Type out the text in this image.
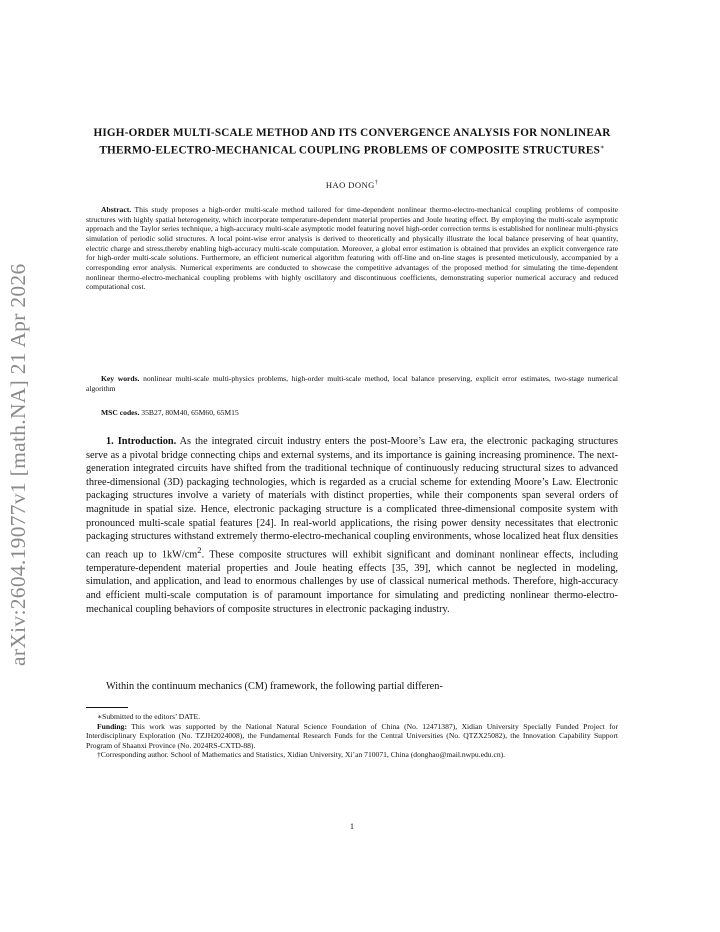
arXiv:2604.19077v1 [math.NA] 21 Apr 2026
HIGH-ORDER MULTI-SCALE METHOD AND ITS CONVERGENCE ANALYSIS FOR NONLINEAR THERMO-ELECTRO-MECHANICAL COUPLING PROBLEMS OF COMPOSITE STRUCTURES∗
HAO DONG†
Abstract. This study proposes a high-order multi-scale method tailored for time-dependent nonlinear thermo-electro-mechanical coupling problems of composite structures with highly spatial heterogeneity, which incorporate temperature-dependent material properties and Joule heating effect. By employing the multi-scale asymptotic approach and the Taylor series technique, a high-accuracy multi-scale asymptotic model featuring novel high-order correction terms is established for nonlinear multi-physics simulation of periodic solid structures. A local point-wise error analysis is derived to theoretically and physically illustrate the local balance preserving of heat quantity, electric charge and stress,thereby enabling high-accuracy multi-scale computation. Moreover, a global error estimation is obtained that provides an explicit convergence rate for high-order multi-scale solutions. Furthermore, an efficient numerical algorithm featuring with off-line and on-line stages is presented meticulously, accompanied by a corresponding error analysis. Numerical experiments are conducted to showcase the competitive advantages of the proposed method for simulating the time-dependent nonlinear thermo-electro-mechanical coupling problems with highly oscillatory and discontinuous coefficients, demonstrating superior numerical accuracy and reduced computational cost.
Key words. nonlinear multi-scale multi-physics problems, high-order multi-scale method, local balance preserving, explicit error estimates, two-stage numerical algorithm
MSC codes. 35B27, 80M40, 65M60, 65M15
1. Introduction. As the integrated circuit industry enters the post-Moore’s Law era, the electronic packaging structures serve as a pivotal bridge connecting chips and external systems, and its importance is gaining increasing prominence. The next-generation integrated circuits have shifted from the traditional technique of continuously reducing structural sizes to advanced three-dimensional (3D) packaging technologies, which is regarded as a crucial scheme for extending Moore’s Law. Electronic packaging structures involve a variety of materials with distinct properties, while their components span several orders of magnitude in spatial size. Hence, electronic packaging structure is a complicated three-dimensional composite system with pronounced multi-scale spatial features [24]. In real-world applications, the rising power density necessitates that electronic packaging structures withstand extremely thermo-electro-mechanical coupling environments, whose localized heat flux densities can reach up to $1kW/cm^2$. These composite structures will exhibit significant and dominant nonlinear effects, including temperature-dependent material properties and Joule heating effects [35, 39], which cannot be neglected in modeling, simulation, and application, and lead to enormous challenges by use of classical numerical methods. Therefore, high-accuracy and efficient multi-scale computation is of paramount importance for simulating and predicting nonlinear thermo-electro-mechanical coupling behaviors of composite structures in electronic packaging industry.
Within the continuum mechanics (CM) framework, the following partial differen-

∗Submitted to the editors’ DATE.

Funding: This work was supported by the National Natural Science Foundation of China (No. 12471387), Xidian University Specially Funded Project for Interdisciplinary Exploration (No. TZJH2024008), the Fundamental Research Funds for the Central Universities (No. QTZX25082), the Innovation Capability Support Program of Shaanxi Province (No. 2024RS-CXTD-88).

†Corresponding author. School of Mathematics and Statistics, Xidian University, Xi’an 710071, China (donghao@mail.nwpu.edu.cn).

1
